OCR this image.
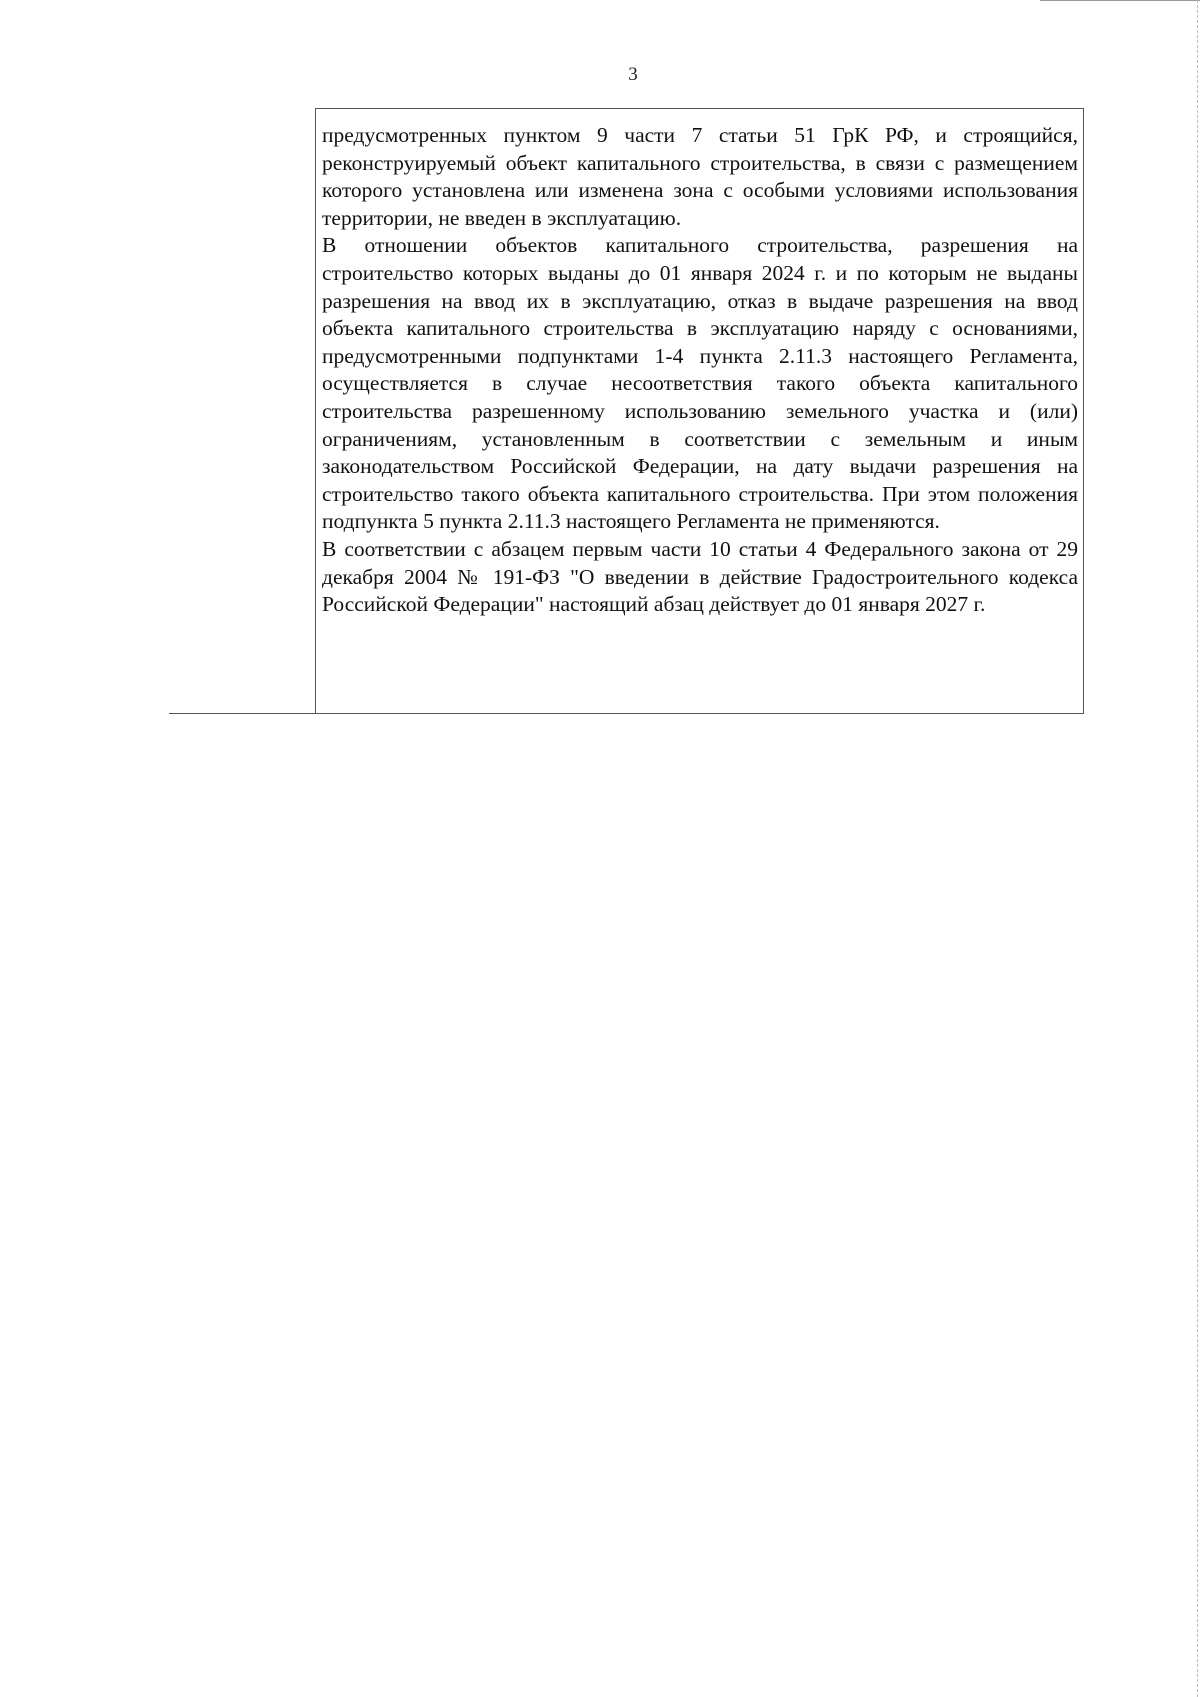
3

предусмотренных пунктом 9 части 7 статьи 51 ГрК РФ, и строящийся, реконструируемый объект капитального строительства, в связи с размещением которого установлена или изменена зона с особыми условиями использования территории, не введен в эксплуатацию.

В отношении объектов капитального строительства, разрешения на строительство которых выданы до 01 января 2024 г. и по которым не выданы разрешения на ввод их в эксплуатацию, отказ в выдаче разрешения на ввод объекта капитального строительства в эксплуатацию наряду с основаниями, предусмотренными подпунктами 1-4 пункта 2.11.3 настоящего Регламента, осуществляется в случае несоответствия такого объекта капитального строительства разрешенному использованию земельного участка и (или) ограничениям, установленным в соответствии с земельным и иным законодательством Российской Федерации, на дату выдачи разрешения на строительство такого объекта капитального строительства. При этом положения подпункта 5 пункта 2.11.3 настоящего Регламента не применяются.

В соответствии с абзацем первым части 10 статьи 4 Федерального закона от 29 декабря 2004 № 191-ФЗ "О введении в действие Градостроительного кодекса Российской Федерации" настоящий абзац действует до 01 января 2027 г.
